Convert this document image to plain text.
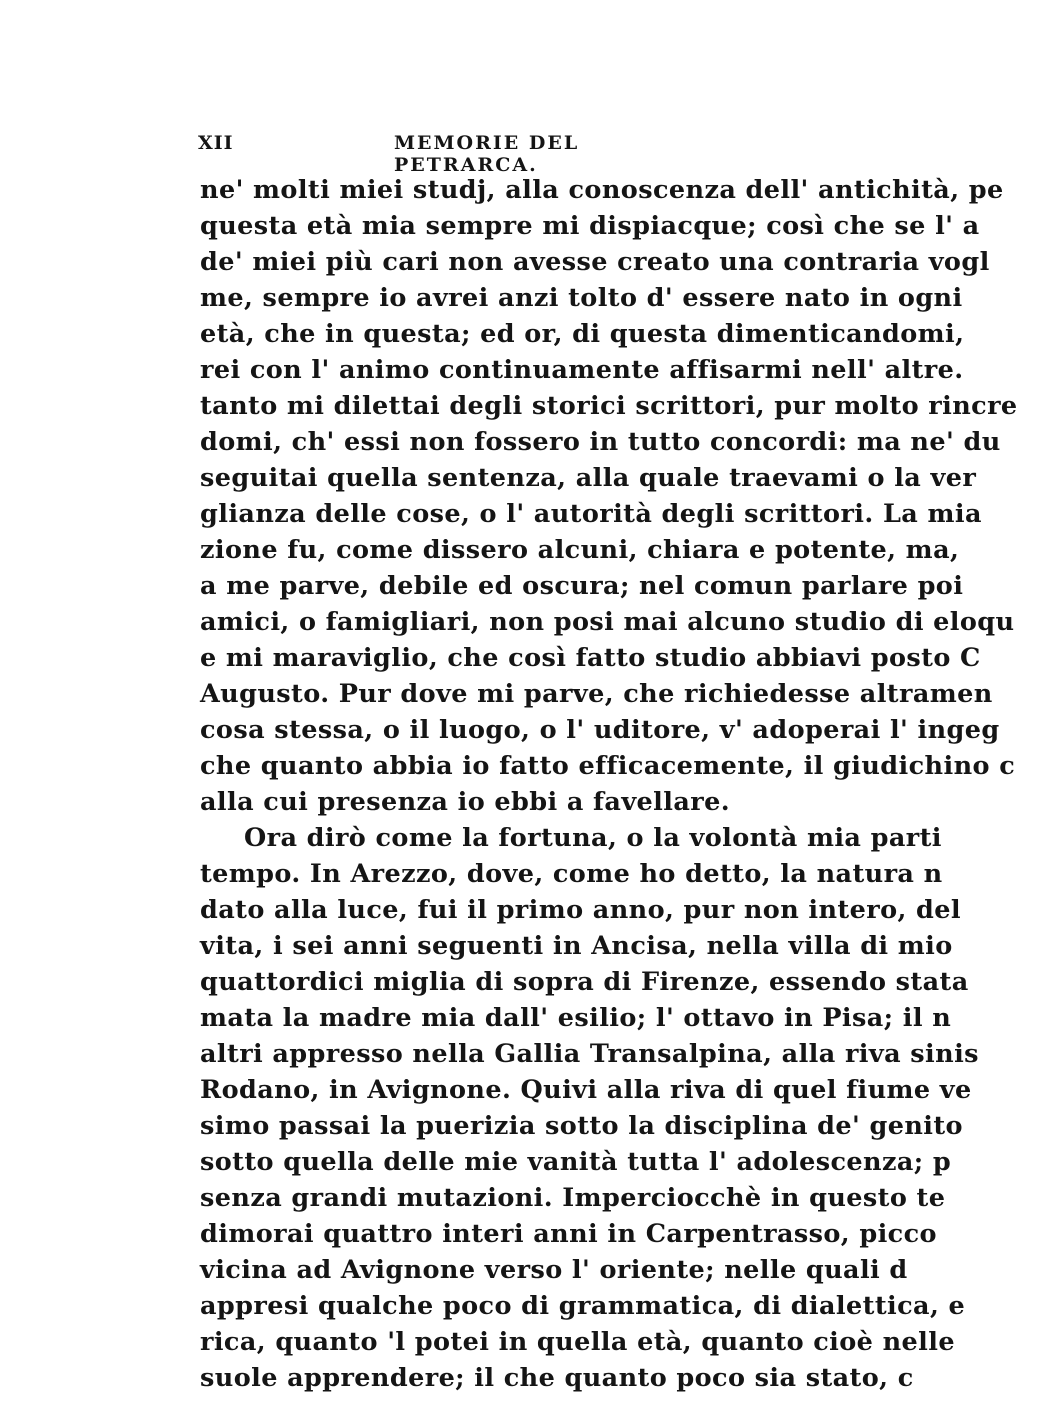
XII	MEMORIE DEL PETRARCA.
ne' molti miei studj, alla conoscenza dell' antichità, pe
questa età mia sempre mi dispiacque; così che se l' a
de' miei più cari non avesse creato una contraria vogl
me, sempre io avrei anzi tolto d' essere nato in ogni
età, che in questa; ed or, di questa dimenticandomi,
rei con l' animo continuamente affisarmi nell' altre.
tanto mi dilettai degli storici scrittori, pur molto rincre
domi, ch' essi non fossero in tutto concordi: ma ne' du
seguitai quella sentenza, alla quale traevami o la ver
glianza delle cose, o l' autorità degli scrittori. La mia
zione fu, come dissero alcuni, chiara e potente, ma,
a me parve, debile ed oscura; nel comun parlare poi
amici, o famigliari, non posi mai alcuno studio di eloqu
e mi maraviglio, che così fatto studio abbiavi posto C
Augusto. Pur dove mi parve, che richiedesse altramen
cosa stessa, o il luogo, o l' uditore, v' adoperai l' ingeg
che quanto abbia io fatto efficacemente, il giudichino c
alla cui presenza io ebbi a favellare.
Ora dirò come la fortuna, o la volontà mia parti
tempo. In Arezzo, dove, come ho detto, la natura n
dato alla luce, fui il primo anno, pur non intero, del
vita, i sei anni seguenti in Ancisa, nella villa di mio
quattordici miglia di sopra di Firenze, essendo stata
mata la madre mia dall' esilio; l' ottavo in Pisa; il n
altri appresso nella Gallia Transalpina, alla riva sinis
Rodano, in Avignone. Quivi alla riva di quel fiume ve
simo passai la puerizia sotto la disciplina de' genito
sotto quella delle mie vanità tutta l' adolescenza; p
senza grandi mutazioni. Imperciocchè in questo te
dimorai quattro interi anni in Carpentrasso, picco
vicina ad Avignone verso l' oriente; nelle quali d
appresi qualche poco di grammatica, di dialettica, e
rica, quanto 'l potei in quella età, quanto cioè nelle
suole apprendere; il che quanto poco sia stato, c
